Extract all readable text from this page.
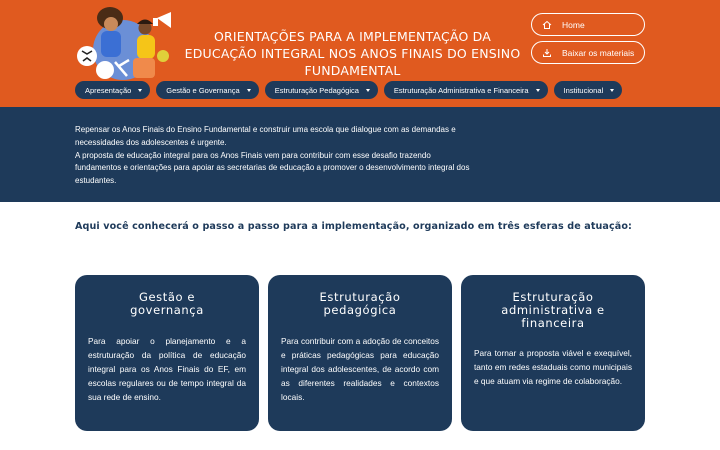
ORIENTAÇÕES PARA A IMPLEMENTAÇÃO DA EDUCAÇÃO INTEGRAL NOS ANOS FINAIS DO ENSINO FUNDAMENTAL
Home
Baixar os materiais
Apresentação	Gestão e Governança	Estruturação Pedagógica	Estruturação Administrativa e Financeira	Institucional

Repensar os Anos Finais do Ensino Fundamental e construir uma escola que dialogue com as demandas e necessidades dos adolescentes é urgente.

A proposta de educação integral para os Anos Finais vem para contribuir com esse desafio trazendo fundamentos e orientações para apoiar as secretarias de educação a promover o desenvolvimento integral dos estudantes.

Aqui você conhecerá o passo a passo para a implementação, organizado em três esferas de atuação:
Gestão e governança

Para apoiar o planejamento e a estruturação da política de educação integral para os Anos Finais do EF, em escolas regulares ou de tempo integral da sua rede de ensino.

Estruturação pedagógica

Para contribuir com a adoção de conceitos e práticas pedagógicas para educação integral dos adolescentes, de acordo com as diferentes realidades e contextos locais.

Estruturação administrativa e financeira

Para tornar a proposta viável e exequível, tanto em redes estaduais como municipais e que atuam via regime de colaboração.
